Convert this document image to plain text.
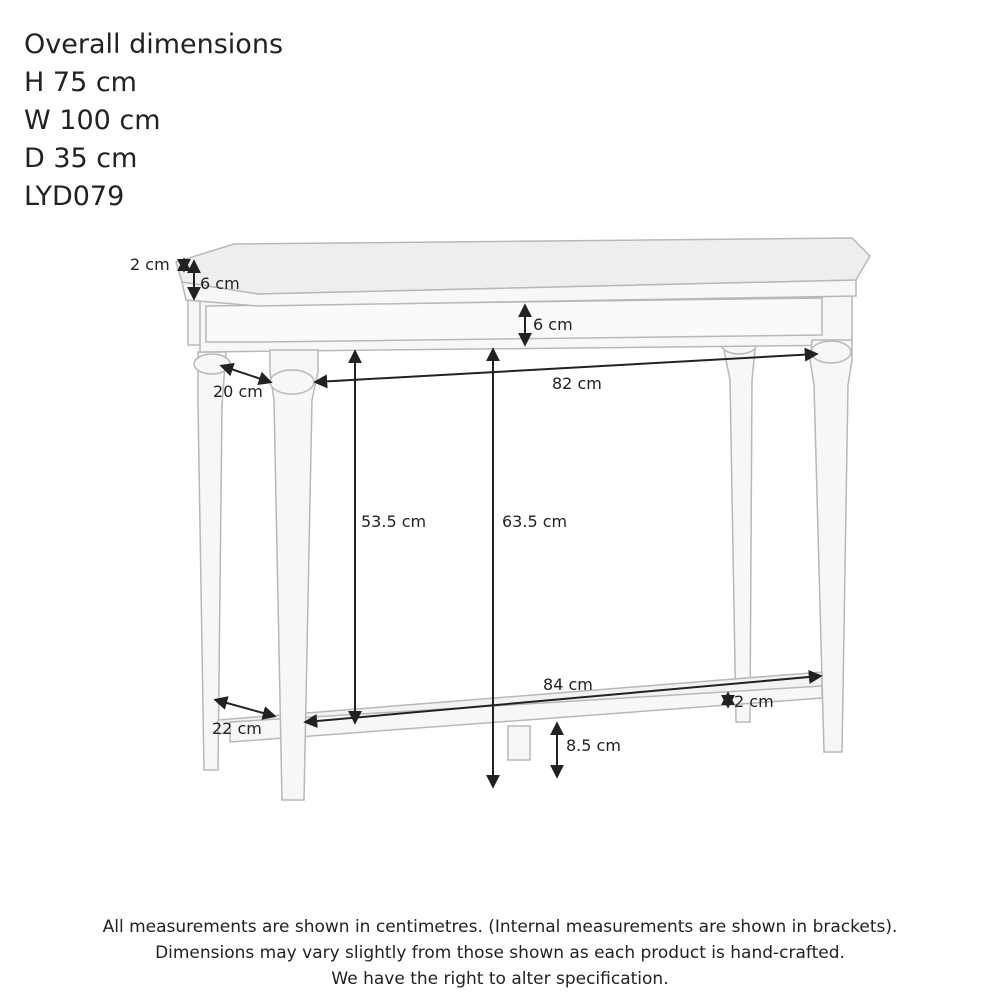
Overall dimensions
H 75 cm
W 100 cm
D 35 cm
LYD079
2 cm
6 cm
6 cm
20 cm	82 cm
53.5 cm	63.5 cm
84 cm
2 cm
22 cm
8.5 cm
All measurements are shown in centimetres. (Internal measurements are shown in brackets).
Dimensions may vary slightly from those shown as each product is hand-crafted.
We have the right to alter specification.
